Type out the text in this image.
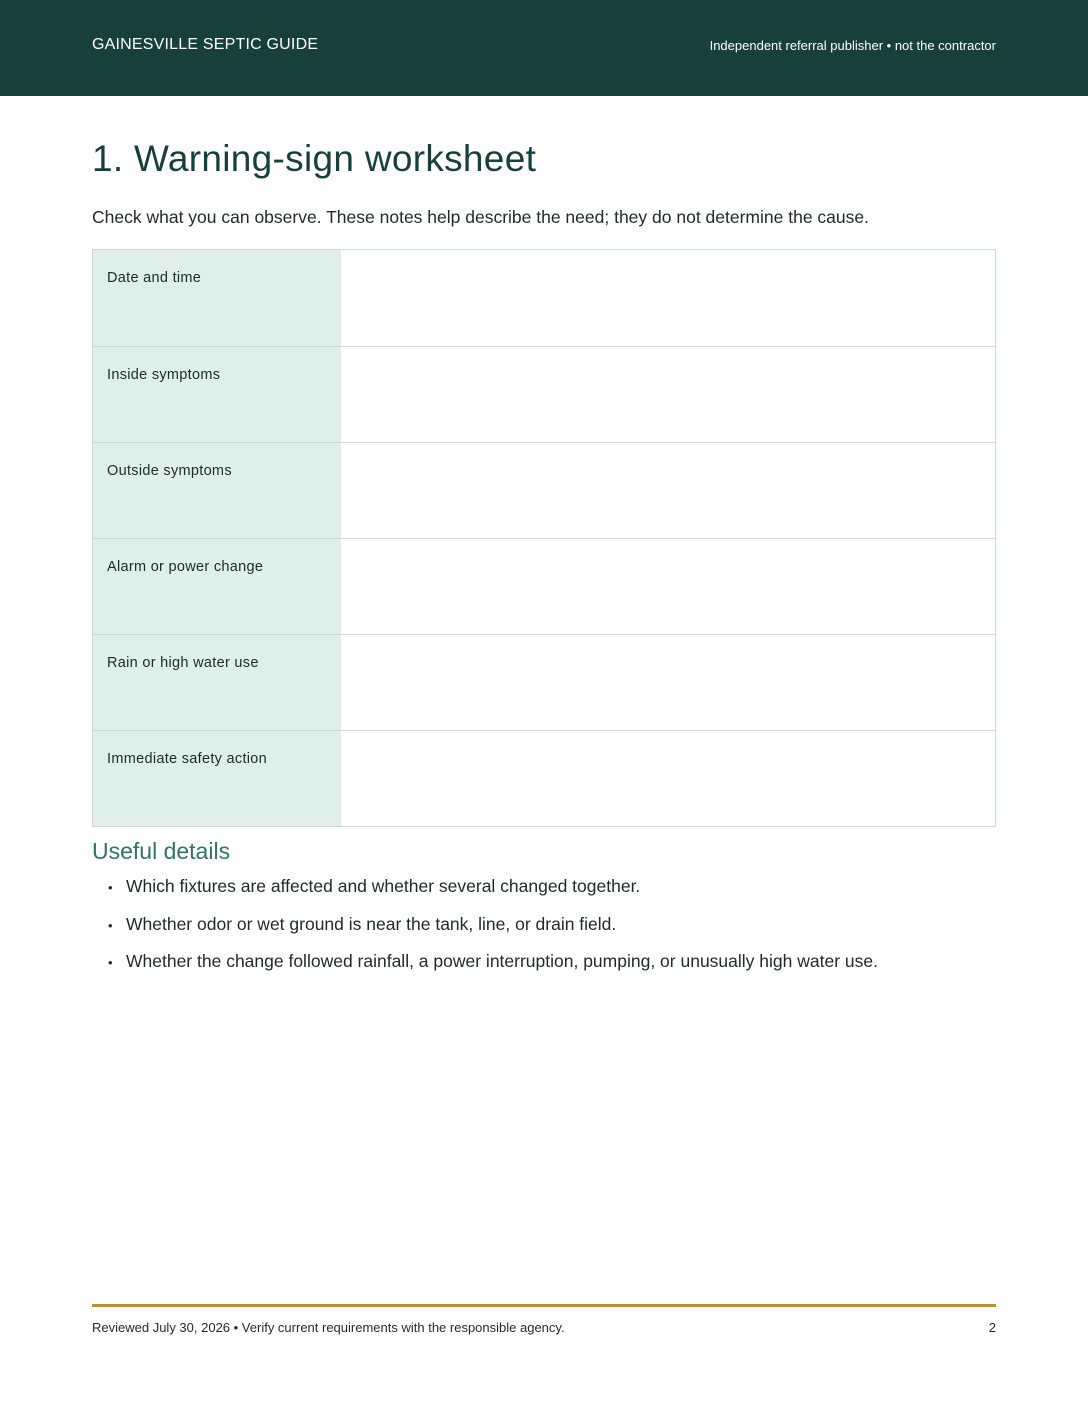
GAINESVILLE SEPTIC GUIDE	Independent referral publisher • not the contractor
1. Warning-sign worksheet

Check what you can observe. These notes help describe the need; they do not determine the cause.

Date and time
Inside symptoms
Outside symptoms
Alarm or power change
Rain or high water use
Immediate safety action
Useful details
• Which fixtures are affected and whether several changed together.
• Whether odor or wet ground is near the tank, line, or drain field.
• Whether the change followed rainfall, a power interruption, pumping, or unusually high water use.
Reviewed July 30, 2026 • Verify current requirements with the responsible agency.	2
